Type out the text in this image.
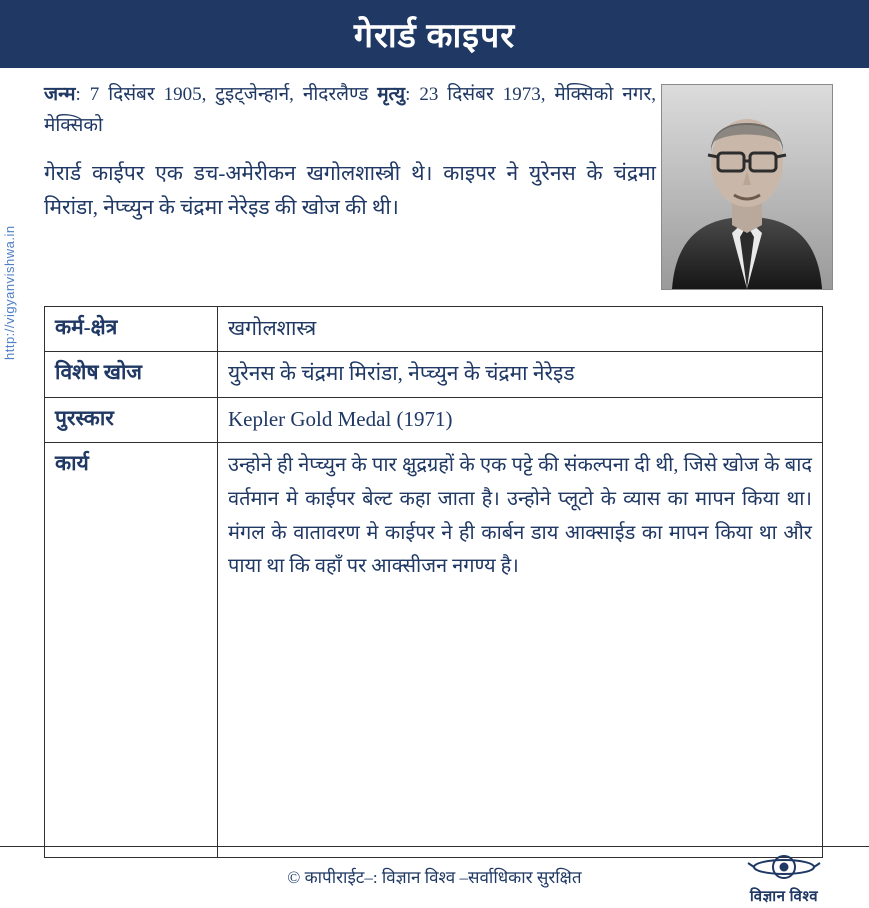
गेरार्ड काइपर
http://vigyanvishwa.in
जन्म: 7 दिसंबर 1905, टुइट्जेन्हार्न, नीदरलैण्ड मृत्यु: 23 दिसंबर 1973, मेक्सिको नगर, मेक्सिको
गेरार्ड काईपर एक डच-अमेरीकन खगोलशास्त्री थे। काइपर ने युरेनस के चंद्रमा मिरांडा, नेप्च्युन के चंद्रमा नेरेइड की खोज की थी।
कर्म-क्षेत्र	खगोलशास्त्र
विशेष खोज	युरेनस के चंद्रमा मिरांडा, नेप्च्युन के चंद्रमा नेरेइड
पुरस्कार	Kepler Gold Medal (1971)
कार्य	उन्होने ही नेप्च्युन के पार क्षुद्रग्रहों के एक पट्टे की संकल्पना दी थी, जिसे खोज के बाद वर्तमान मे काईपर बेल्ट कहा जाता है। उन्होने प्लूटो के व्यास का मापन किया था। मंगल के वातावरण मे काईपर ने ही कार्बन डाय आक्साईड का मापन किया था और पाया था कि वहाँ पर आक्सीजन नगण्य है।
© कापीराईट–: विज्ञान विश्व –सर्वाधिकार सुरक्षित
विज्ञान विश्व
